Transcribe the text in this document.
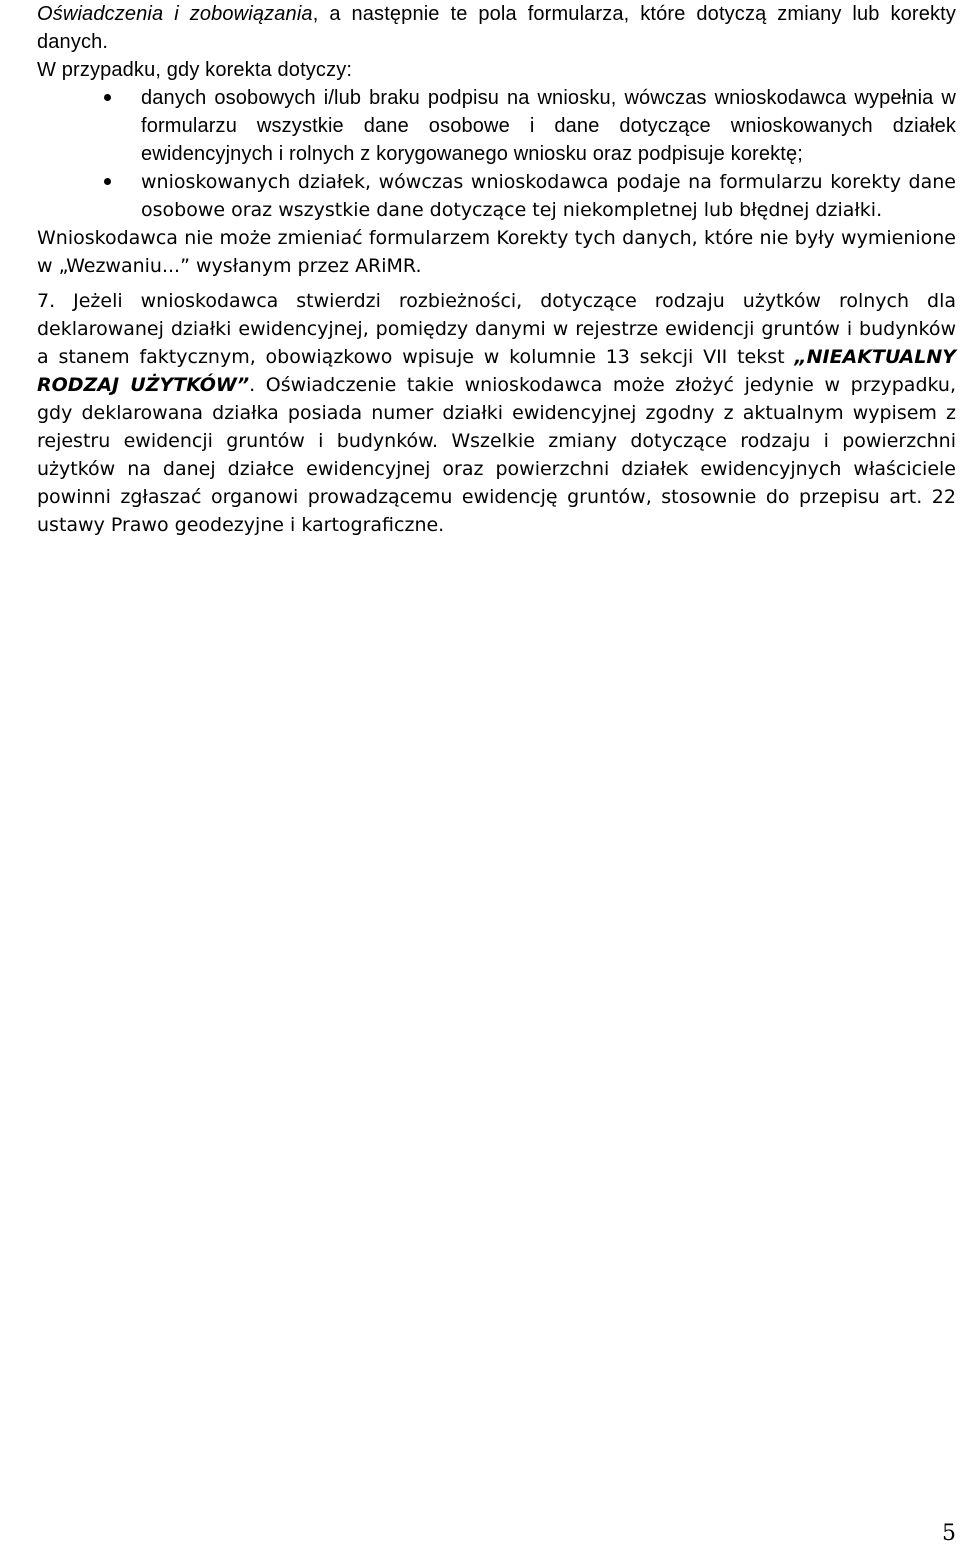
Oświadczenia i zobowiązania, a następnie te pola formularza, które dotyczą zmiany lub korekty danych.

W przypadku, gdy korekta dotyczy:

danych osobowych i/lub braku podpisu na wniosku, wówczas wnioskodawca wypełnia w formularzu wszystkie dane osobowe i dane dotyczące wnioskowanych działek ewidencyjnych i rolnych z korygowanego wniosku oraz podpisuje korektę;
wnioskowanych działek, wówczas wnioskodawca podaje na formularzu korekty dane osobowe oraz wszystkie dane dotyczące tej niekompletnej lub błędnej działki.

Wnioskodawca nie może zmieniać formularzem Korekty tych danych, które nie były wymienione w „Wezwaniu...” wysłanym przez ARiMR.

7. Jeżeli wnioskodawca stwierdzi rozbieżności, dotyczące rodzaju użytków rolnych dla deklarowanej działki ewidencyjnej, pomiędzy danymi w rejestrze ewidencji gruntów i budynków a stanem faktycznym, obowiązkowo wpisuje w kolumnie 13 sekcji VII tekst „NIEAKTUALNY RODZAJ UŻYTKÓW”. Oświadczenie takie wnioskodawca może złożyć jedynie w przypadku, gdy deklarowana działka posiada numer działki ewidencyjnej zgodny z aktualnym wypisem z rejestru ewidencji gruntów i budynków. Wszelkie zmiany dotyczące rodzaju i powierzchni użytków na danej działce ewidencyjnej oraz powierzchni działek ewidencyjnych właściciele powinni zgłaszać organowi prowadzącemu ewidencję gruntów, stosownie do przepisu art. 22 ustawy Prawo geodezyjne i kartograficzne.

5
